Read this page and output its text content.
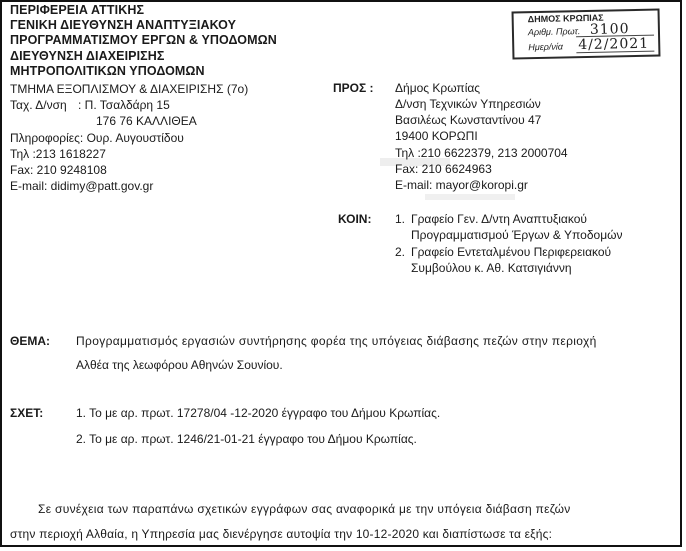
ΠΕΡΙΦΕΡΕΙΑ ΑΤΤΙΚΗΣ
ΓΕΝΙΚΗ ΔΙΕΥΘΥΝΣΗ ΑΝΑΠΤΥΞΙΑΚΟΥ
ΠΡΟΓΡΑΜΜΑΤΙΣΜΟΥ ΕΡΓΩΝ & ΥΠΟΔΟΜΩΝ
ΔΙΕΥΘΥΝΣΗ ΔΙΑΧΕΙΡΙΣΗΣ
ΜΗΤΡΟΠΟΛΙΤΙΚΩΝ ΥΠΟΔΟΜΩΝ
ΤΜΗΜΑ ΕΞΟΠΛΙΣΜΟΥ & ΔΙΑΧΕΙΡΙΣΗΣ (7ο)
Ταχ. Δ/νση : Π. Τσαλδάρη 15
176 76 ΚΑΛΛΙΘΕΑ
Πληροφορίες: Ουρ. Αυγουστίδου
Τηλ :213 1618227
Fax: 210 9248108
E-mail: didimy@patt.gov.gr
ΔΗΜΟΣ ΚΡΩΠΙΑΣ
Αριθμ. Πρωτ. 3100
Ημερ/νία 4/2/2021
ΠΡΟΣ : Δήμος Κρωπίας
Δ/νση Τεχνικών Υπηρεσιών
Βασιλέως Κωνσταντίνου 47
19400 ΚΟΡΩΠΙ
Τηλ :210 6622379, 213 2000704
Fax: 210 6624963
E-mail: mayor@koropi.gr
ΚΟΙΝ: 1. Γραφείο Γεν. Δ/ντη Αναπτυξιακού
Προγραμματισμού Έργων & Υποδομών
2. Γραφείο Εντεταλμένου Περιφερειακού
Συμβούλου κ. Αθ. Κατσιγιάννη
ΘΕΜΑ: Προγραμματισμός εργασιών συντήρησης φορέα της υπόγειας διάβασης πεζών στην περιοχή
Αλθέα της λεωφόρου Αθηνών Σουνίου.
ΣΧΕΤ:	1. Το με αρ. πρωτ. 17278/04 -12-2020 έγγραφο του Δήμου Κρωπίας.
2. Το με αρ. πρωτ. 1246/21-01-21 έγγραφο του Δήμου Κρωπίας.
Σε συνέχεια των παραπάνω σχετικών εγγράφων σας αναφορικά με την υπόγεια διάβαση πεζών
στην περιοχή Αλθαία, η Υπηρεσία μας διενέργησε αυτοψία την 10-12-2020 και διαπίστωσε τα εξής:
